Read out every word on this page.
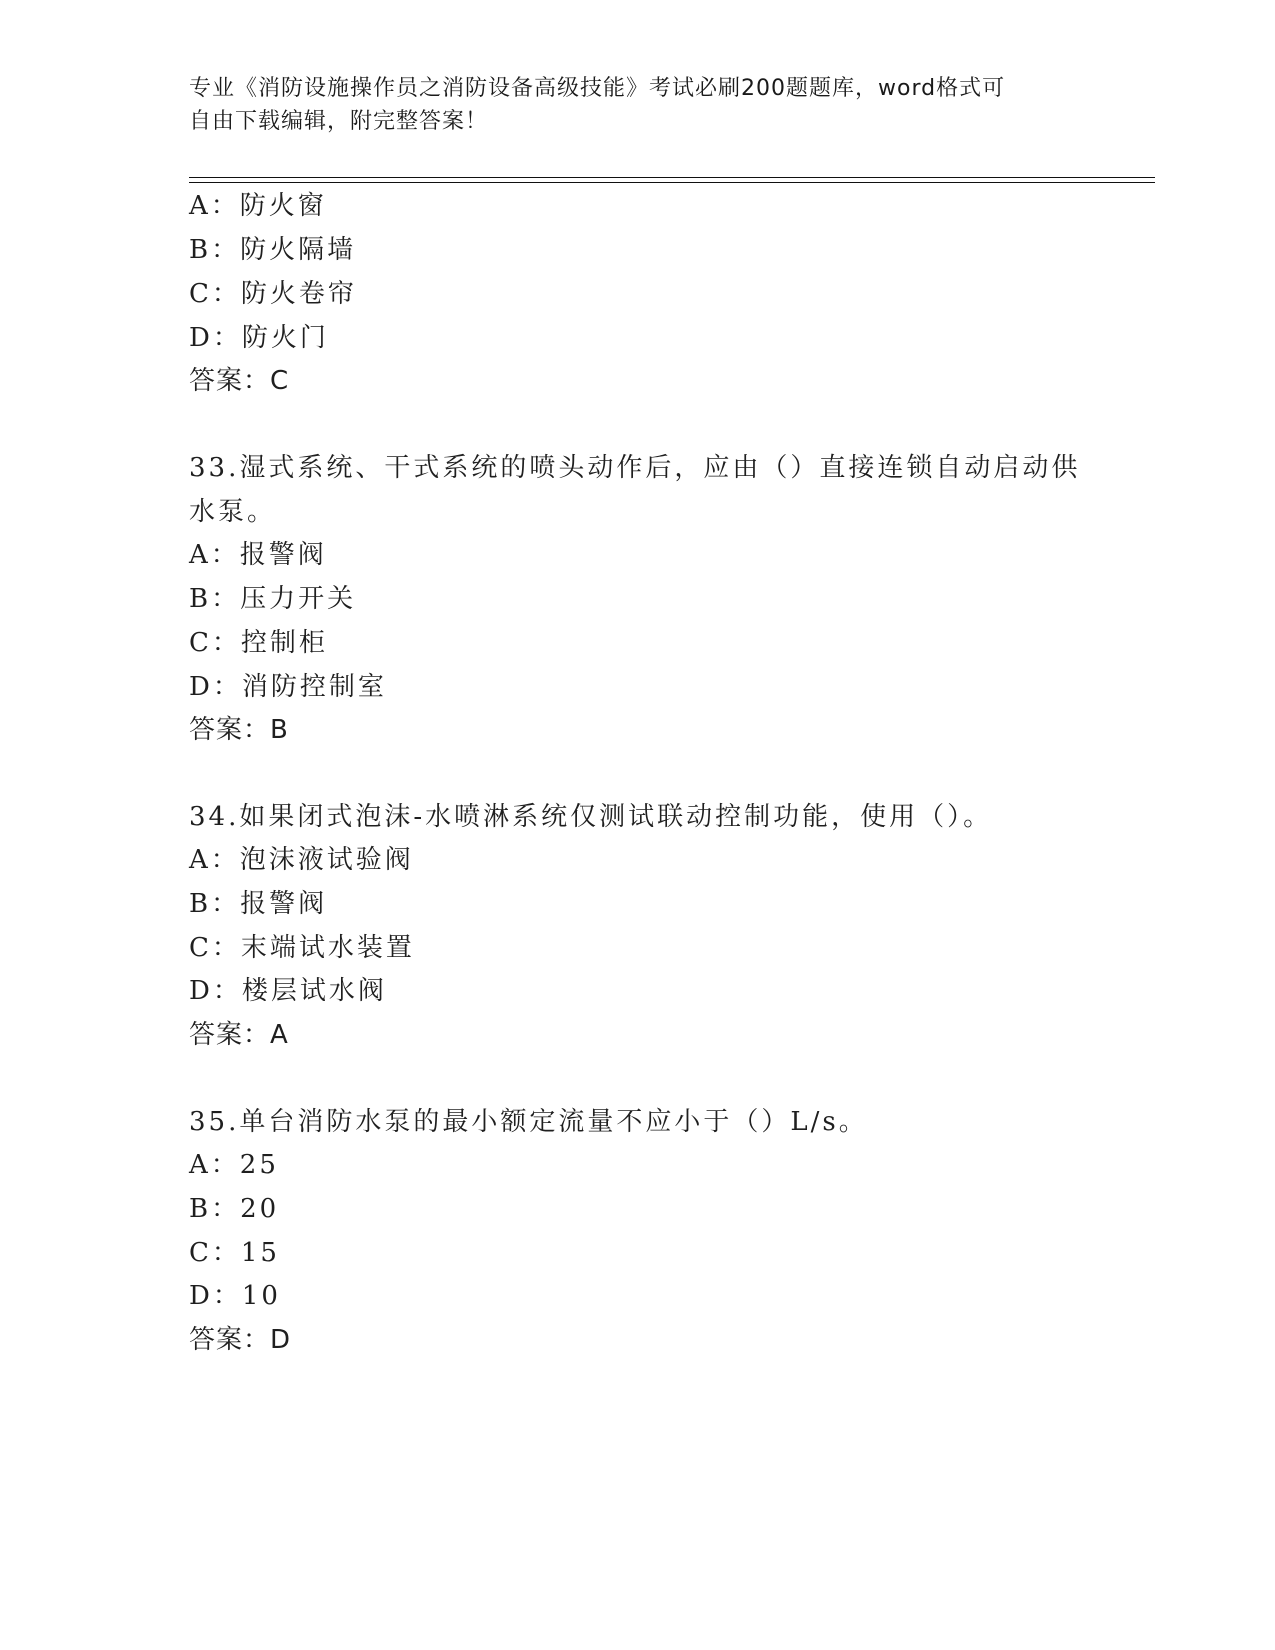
专业《消防设施操作员之消防设备高级技能》考试必刷200题题库，word格式可
自由下载编辑，附完整答案！
A：防火窗
B：防火隔墙
C：防火卷帘
D：防火门
答案：C
33.湿式系统、干式系统的喷头动作后，应由（）直接连锁自动启动供
水泵。
A：报警阀
B：压力开关
C：控制柜
D：消防控制室
答案：B
34.如果闭式泡沫-水喷淋系统仅测试联动控制功能，使用（）。
A：泡沫液试验阀
B：报警阀
C：末端试水装置
D：楼层试水阀
答案：A
35.单台消防水泵的最小额定流量不应小于（）L/s。
A：25
B：20
C：15
D：10
答案：D
